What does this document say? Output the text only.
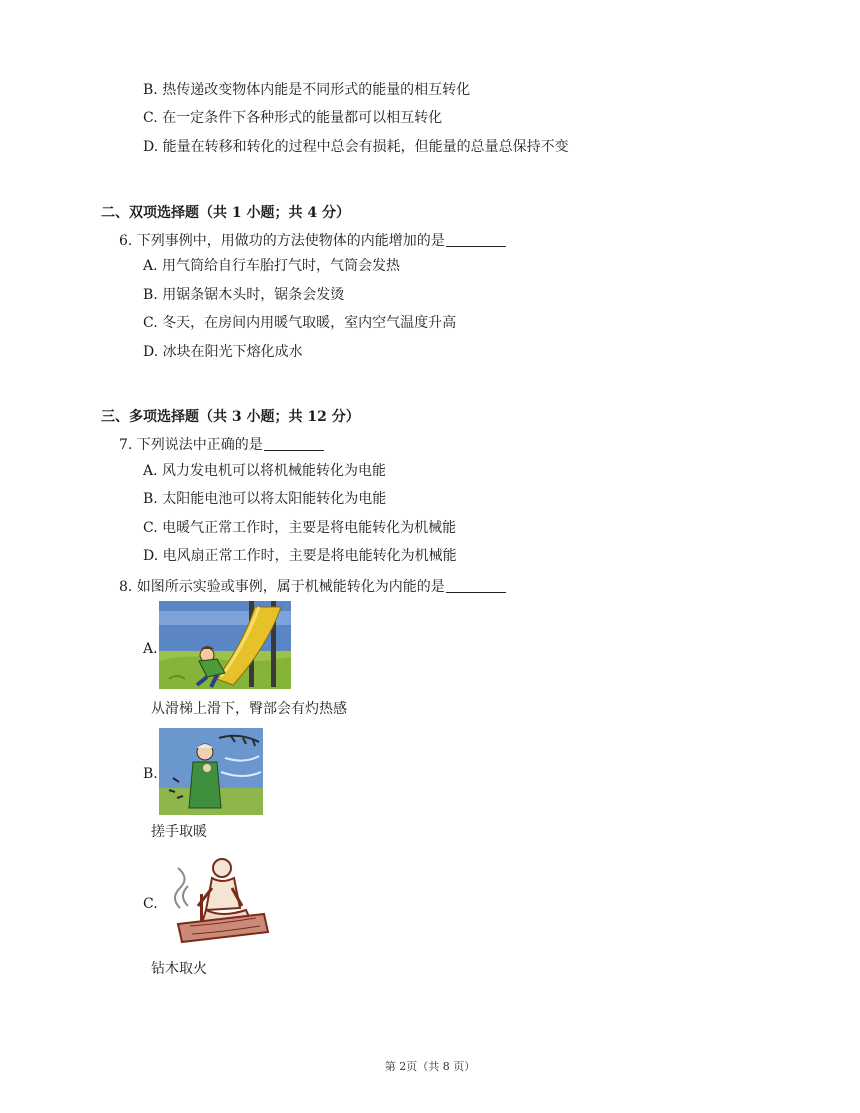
B. 热传递改变物体内能是不同形式的能量的相互转化
C. 在一定条件下各种形式的能量都可以相互转化
D. 能量在转移和转化的过程中总会有损耗，但能量的总量总保持不变
二、双项选择题（共 1 小题；共 4 分）
6. 下列事例中，用做功的方法使物体的内能增加的是
A. 用气筒给自行车胎打气时，气筒会发热
B. 用锯条锯木头时，锯条会发烫
C. 冬天，在房间内用暖气取暖，室内空气温度升高
D. 冰块在阳光下熔化成水
三、多项选择题（共 3 小题；共 12 分）
7. 下列说法中正确的是
A. 风力发电机可以将机械能转化为电能
B. 太阳能电池可以将太阳能转化为电能
C. 电暖气正常工作时，主要是将电能转化为机械能
D. 电风扇正常工作时，主要是将电能转化为机械能
8. 如图所示实验或事例，属于机械能转化为内能的是
A.
从滑梯上滑下，臀部会有灼热感
B.
搓手取暖
C.
钻木取火
第 2页（共 8 页）
